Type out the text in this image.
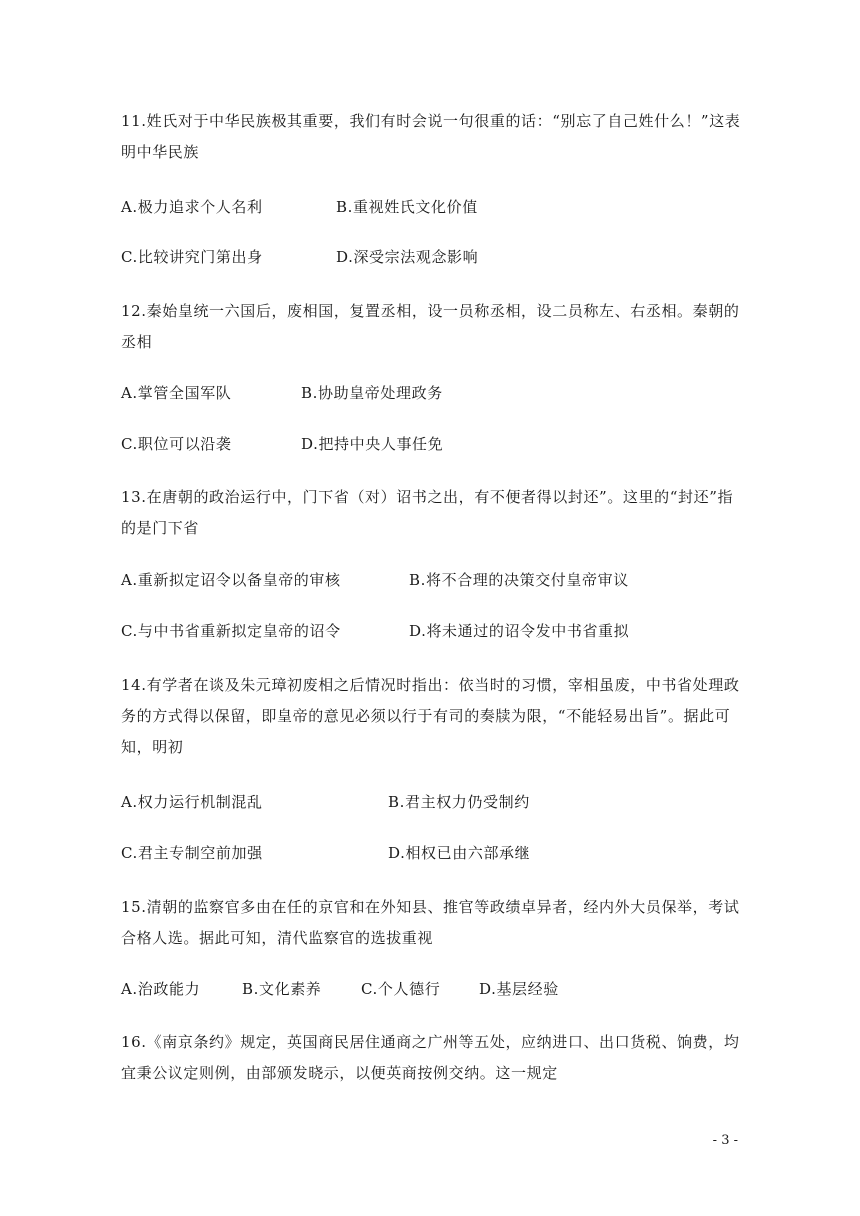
11.姓氏对于中华民族极其重要，我们有时会说一句很重的话：“别忘了自己姓什么！”这表明中华民族

A.极力追求个人名利	B.重视姓氏文化价值
C.比较讲究门第出身	D.深受宗法观念影响

12.秦始皇统一六国后，废相国，复置丞相，设一员称丞相，设二员称左、右丞相。秦朝的丞相

A.掌管全国军队	B.协助皇帝处理政务
C.职位可以沿袭	D.把持中央人事任免

13.在唐朝的政治运行中，门下省（对）诏书之出，有不便者得以封还”。这里的“封还”指的是门下省

A.重新拟定诏令以备皇帝的审核	B.将不合理的决策交付皇帝审议
C.与中书省重新拟定皇帝的诏令	D.将未通过的诏令发中书省重拟

14.有学者在谈及朱元璋初废相之后情况时指出：依当时的习惯，宰相虽废，中书省处理政务的方式得以保留，即皇帝的意见必须以行于有司的奏牍为限，“不能轻易出旨”。据此可知，明初

A.权力运行机制混乱	B.君主权力仍受制约
C.君主专制空前加强	D.相权已由六部承继

15.清朝的监察官多由在任的京官和在外知县、推官等政绩卓异者，经内外大员保举，考试合格人选。据此可知，清代监察官的选拔重视

A.治政能力	B.文化素养	C.个人德行	D.基层经验

16.《南京条约》规定，英国商民居住通商之广州等五处，应纳进口、出口货税、饷费，均宜秉公议定则例，由部颁发晓示，以便英商按例交纳。这一规定

- 3 -
